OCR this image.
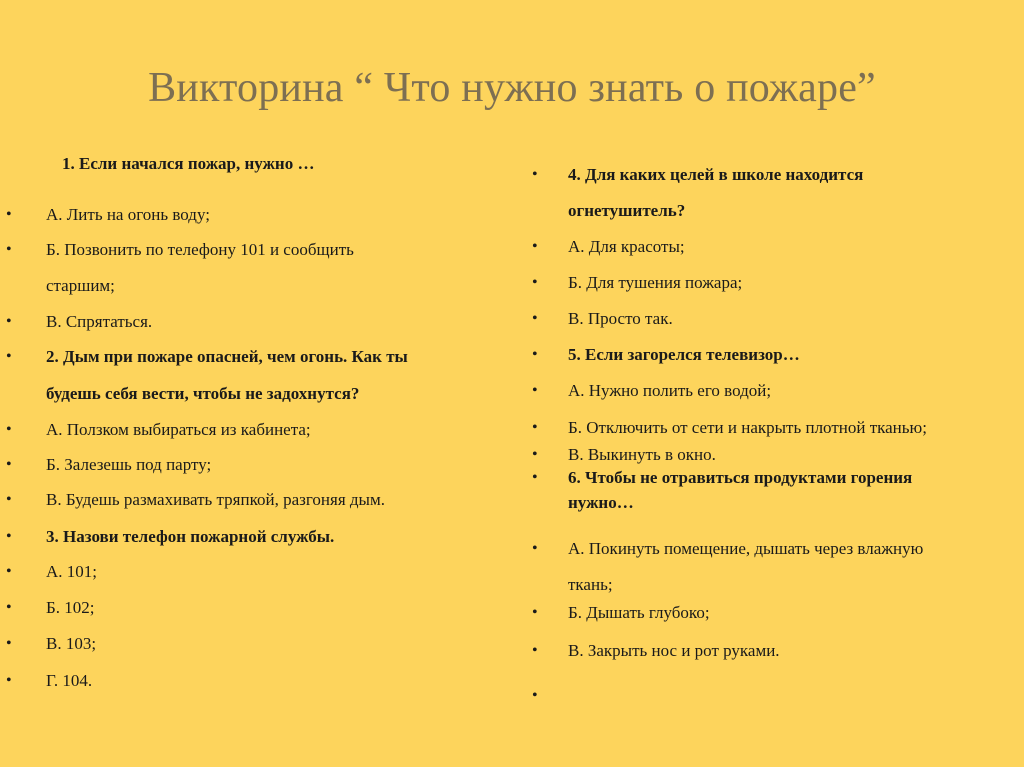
Викторина “ Что нужно знать о пожаре”
1. Если начался пожар, нужно …
• А. Лить на огонь воду;
• Б. Позвонить по телефону 101 и сообщить
старшим;
• В. Спрятаться.
• 2. Дым при пожаре опасней, чем огонь. Как ты
будешь себя вести, чтобы не задохнутся?
• А. Ползком выбираться из кабинета;
• Б. Залезешь под парту;
• В. Будешь размахивать тряпкой, разгоняя дым.
• 3. Назови телефон пожарной службы.
• А. 101;
• Б. 102;
• В. 103;
• Г. 104.
• 4. Для каких целей в школе находится
огнетушитель?
• А. Для красоты;
• Б. Для тушения пожара;
• В. Просто так.
• 5. Если загорелся телевизор…
• А. Нужно полить его водой;
• Б. Отключить от сети и накрыть плотной тканью;
• В. Выкинуть в окно.
• 6. Чтобы не отравиться продуктами горения
нужно…
• А. Покинуть помещение, дышать через влажную
ткань;
• Б. Дышать глубоко;
• В. Закрыть нос и рот руками.
•
